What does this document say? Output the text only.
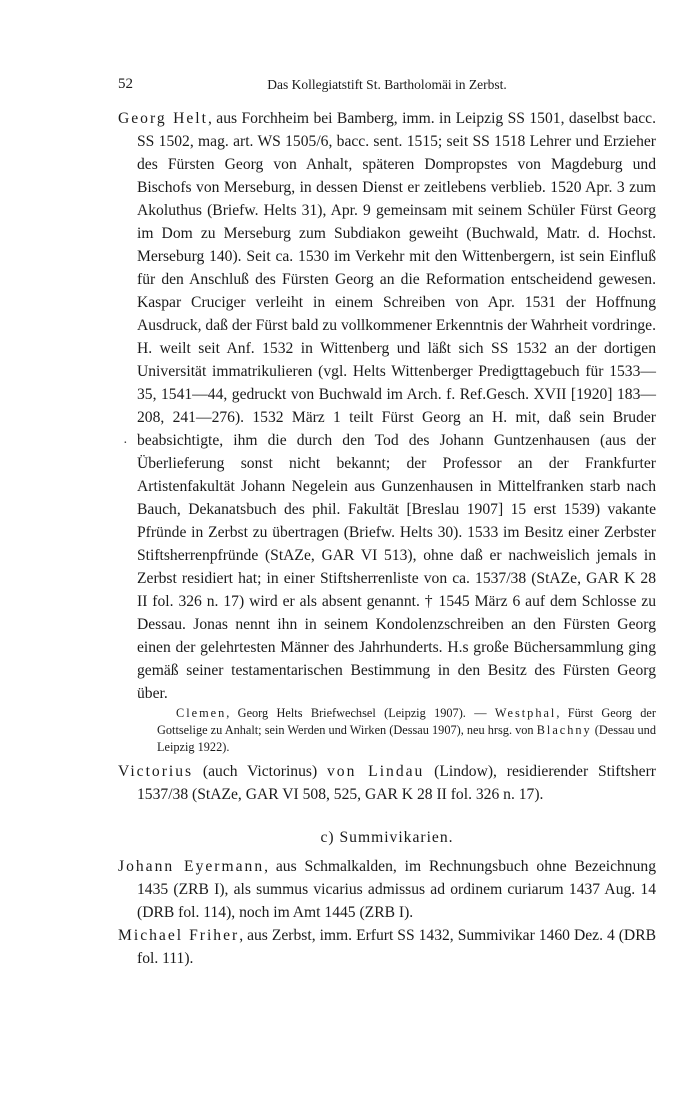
52	Das Kollegiatstift St. Bartholomäi in Zerbst.
·

Georg Helt, aus Forchheim bei Bamberg, imm. in Leipzig SS 1501, daselbst bacc. SS 1502, mag. art. WS 1505/6, bacc. sent. 1515; seit SS 1518 Lehrer und Erzieher des Fürsten Georg von Anhalt, späteren Dompropstes von Magdeburg und Bischofs von Merseburg, in dessen Dienst er zeitlebens verblieb. 1520 Apr. 3 zum Akoluthus (Briefw. Helts 31), Apr. 9 gemeinsam mit seinem Schüler Fürst Georg im Dom zu Merseburg zum Subdiakon geweiht (Buchwald, Matr. d. Hochst. Merseburg 140). Seit ca. 1530 im Verkehr mit den Wittenbergern, ist sein Einfluß für den Anschluß des Fürsten Georg an die Reformation entscheidend gewesen. Kaspar Cruciger verleiht in einem Schreiben von Apr. 1531 der Hoffnung Ausdruck, daß der Fürst bald zu vollkommener Erkenntnis der Wahrheit vordringe. H. weilt seit Anf. 1532 in Wittenberg und läßt sich SS 1532 an der dortigen Universität immatrikulieren (vgl. Helts Wittenberger Predigttagebuch für 1533—35, 1541—44, gedruckt von Buchwald im Arch. f. Ref.Gesch. XVII [1920] 183—208, 241—276). 1532 März 1 teilt Fürst Georg an H. mit, daß sein Bruder beabsichtigte, ihm die durch den Tod des Johann Guntzenhausen (aus der Überlieferung sonst nicht bekannt; der Professor an der Frankfurter Artistenfakultät Johann Negelein aus Gunzenhausen in Mittelfranken starb nach Bauch, Dekanatsbuch des phil. Fakultät [Breslau 1907] 15 erst 1539) vakante Pfründe in Zerbst zu übertragen (Briefw. Helts 30). 1533 im Besitz einer Zerbster Stiftsherrenpfründe (StAZe, GAR VI 513), ohne daß er nachweislich jemals in Zerbst residiert hat; in einer Stiftsherrenliste von ca. 1537/38 (StAZe, GAR K 28 II fol. 326 n. 17) wird er als absent genannt. † 1545 März 6 auf dem Schlosse zu Dessau. Jonas nennt ihn in seinem Kondolenzschreiben an den Fürsten Georg einen der gelehrtesten Männer des Jahrhunderts. H.s große Büchersammlung ging gemäß seiner testamentarischen Bestimmung in den Besitz des Fürsten Georg über.

Clemen, Georg Helts Briefwechsel (Leipzig 1907). — Westphal, Fürst Georg der Gottselige zu Anhalt; sein Werden und Wirken (Dessau 1907), neu hrsg. von Blachny (Dessau und Leipzig 1922).

Victorius (auch Victorinus) von Lindau (Lindow), residierender Stiftsherr 1537/38 (StAZe, GAR VI 508, 525, GAR K 28 II fol. 326 n. 17).

c) Summivikarien.

Johann Eyermann, aus Schmalkalden, im Rechnungsbuch ohne Bezeichnung 1435 (ZRB I), als summus vicarius admissus ad ordinem curiarum 1437 Aug. 14 (DRB fol. 114), noch im Amt 1445 (ZRB I).

Michael Friher, aus Zerbst, imm. Erfurt SS 1432, Summivikar 1460 Dez. 4 (DRB fol. 111).
